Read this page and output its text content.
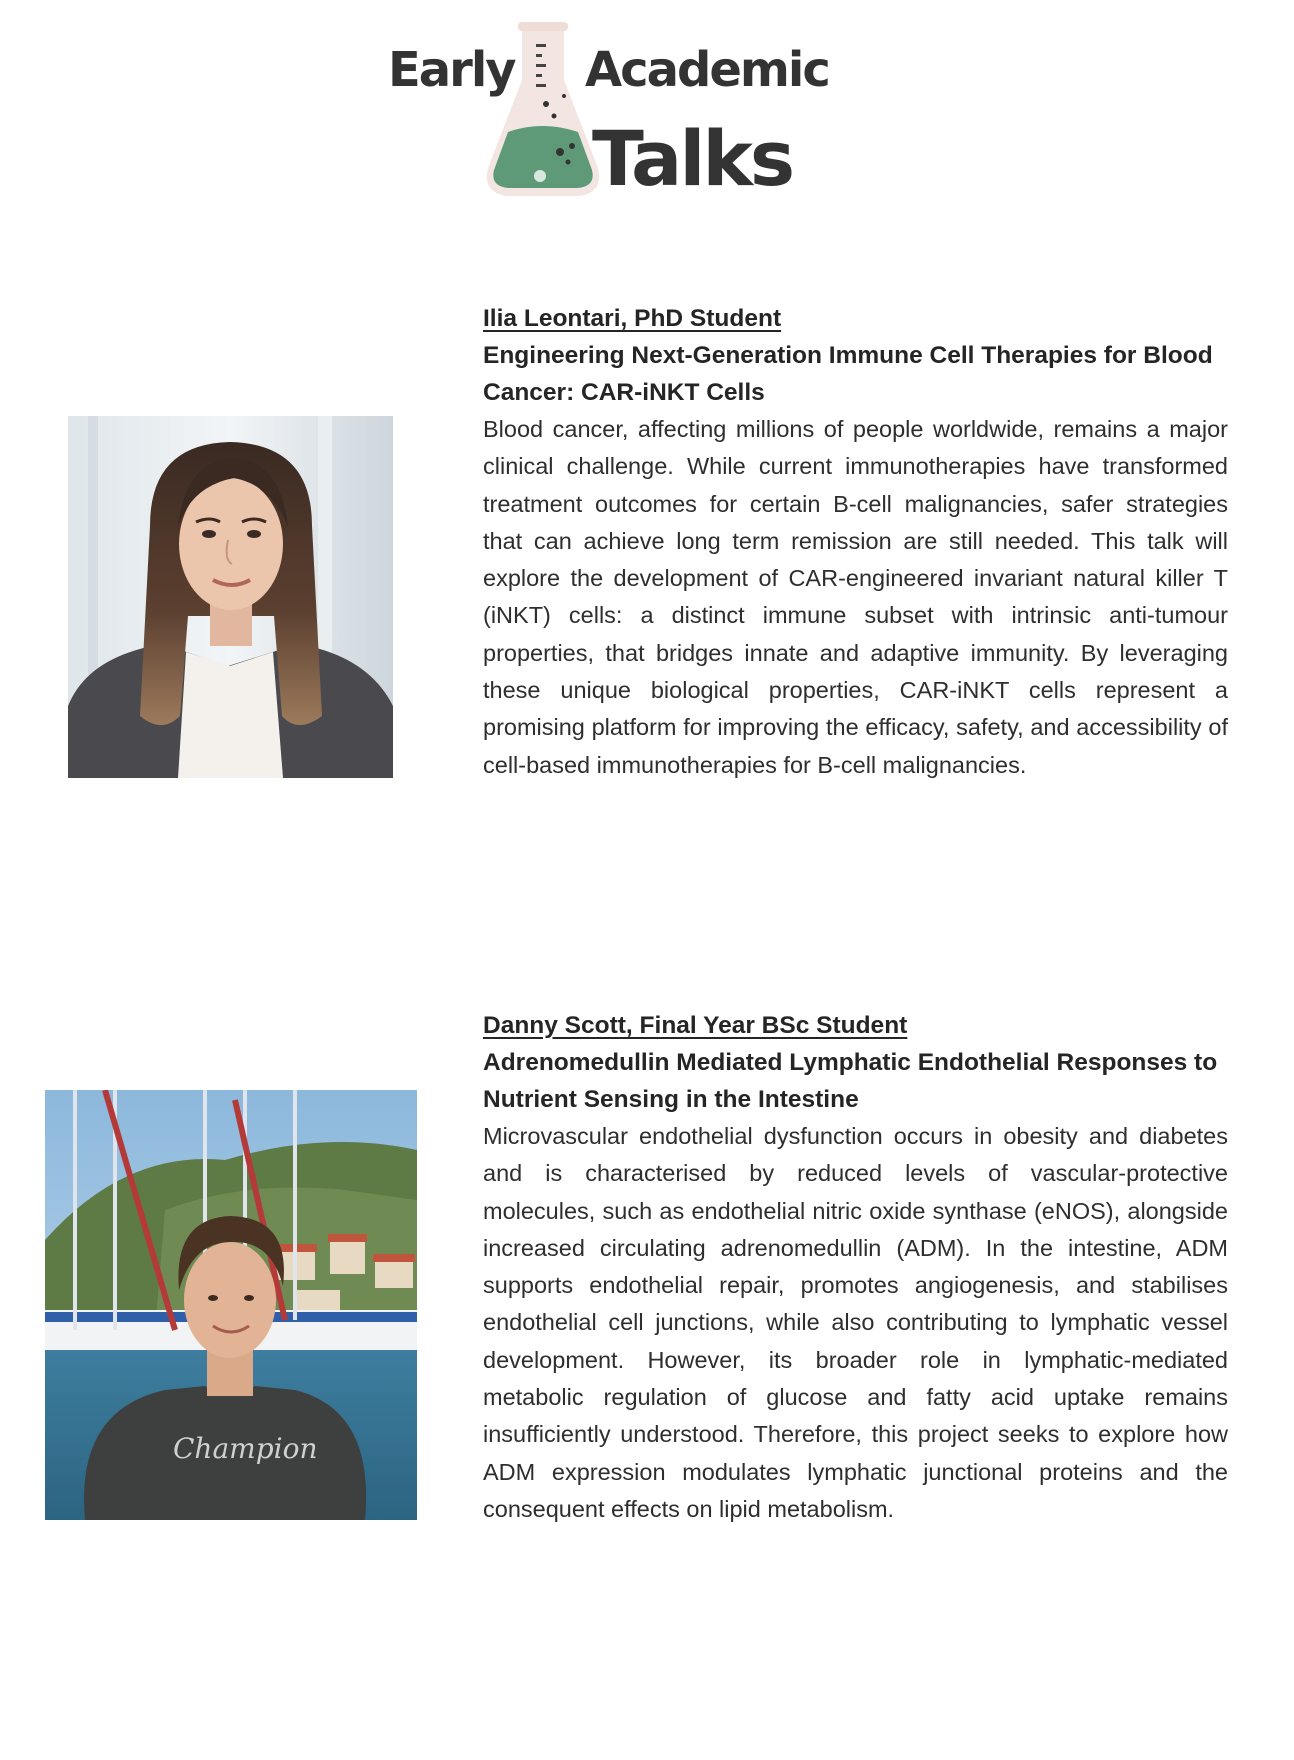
Early Academic
Talks
Ilia Leontari, PhD Student
Engineering Next-Generation Immune Cell Therapies for Blood Cancer: CAR-iNKT Cells
Blood cancer, affecting millions of people worldwide, remains a major clinical challenge. While current immunotherapies have transformed treatment outcomes for certain B-cell malignancies, safer strategies that can achieve long term remission are still needed. This talk will explore the development of CAR-engineered invariant natural killer T (iNKT) cells: a distinct immune subset with intrinsic anti-tumour properties, that bridges innate and adaptive immunity. By leveraging these unique biological properties, CAR-iNKT cells represent a promising platform for improving the efficacy, safety, and accessibility of cell-based immunotherapies for B-cell malignancies.
Champion
Danny Scott, Final Year BSc Student
Adrenomedullin Mediated Lymphatic Endothelial Responses to Nutrient Sensing in the Intestine
Microvascular endothelial dysfunction occurs in obesity and diabetes and is characterised by reduced levels of vascular-protective molecules, such as endothelial nitric oxide synthase (eNOS), alongside increased circulating adrenomedullin (ADM). In the intestine, ADM supports endothelial repair, promotes angiogenesis, and stabilises endothelial cell junctions, while also contributing to lymphatic vessel development. However, its broader role in lymphatic-mediated metabolic regulation of glucose and fatty acid uptake remains insufficiently understood. Therefore, this project seeks to explore how ADM expression modulates lymphatic junctional proteins and the consequent effects on lipid metabolism.
